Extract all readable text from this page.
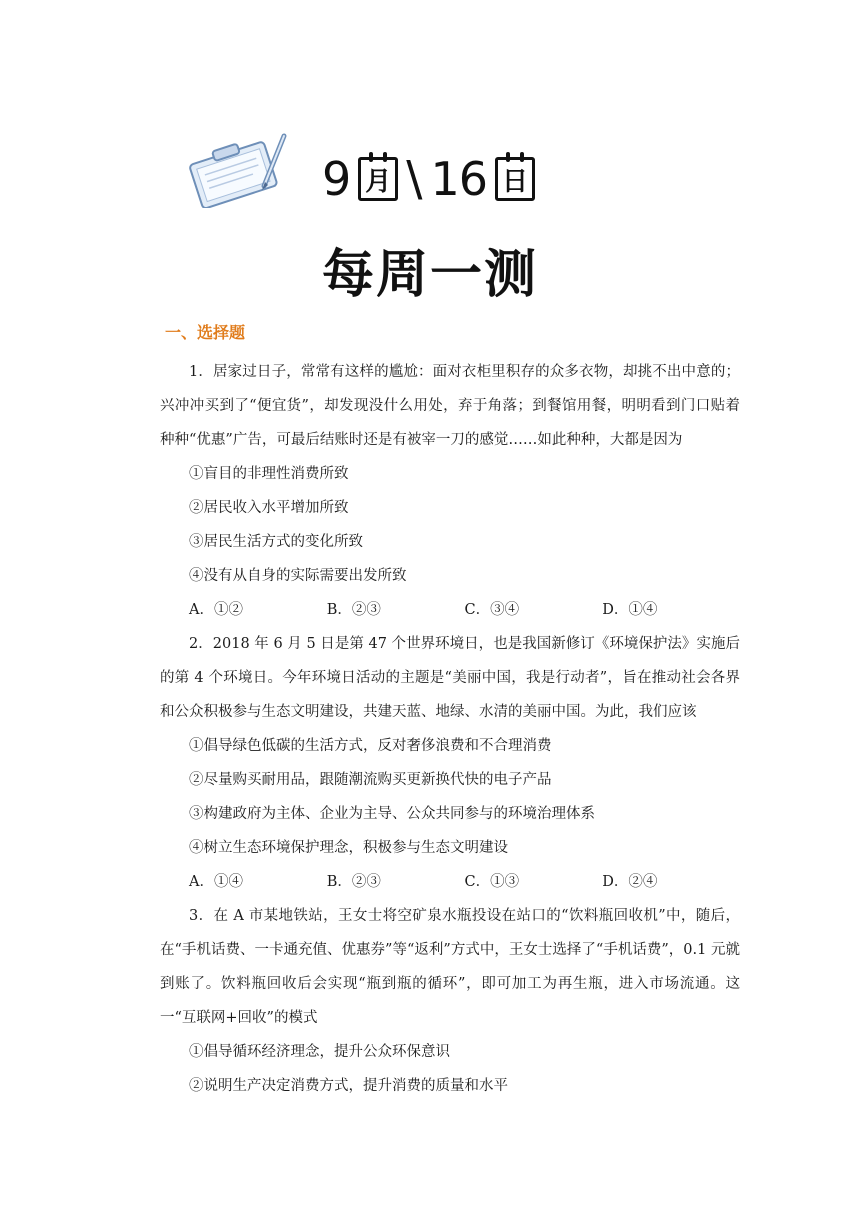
9 月 \ 16 日
每周一测
一、选择题

1．居家过日子，常常有这样的尴尬：面对衣柜里积存的众多衣物，却挑不出中意的；兴冲冲买到了“便宜货”，却发现没什么用处，弃于角落；到餐馆用餐，明明看到门口贴着种种“优惠”广告，可最后结账时还是有被宰一刀的感觉……如此种种，大都是因为

①盲目的非理性消费所致

②居民收入水平增加所致

③居民生活方式的变化所致

④没有从自身的实际需要出发所致

A．①②	B．②③	C．③④	D．①④

2．2018 年 6 月 5 日是第 47 个世界环境日，也是我国新修订《环境保护法》实施后的第 4 个环境日。今年环境日活动的主题是“美丽中国，我是行动者”，旨在推动社会各界和公众积极参与生态文明建设，共建天蓝、地绿、水清的美丽中国。为此，我们应该

①倡导绿色低碳的生活方式，反对奢侈浪费和不合理消费

②尽量购买耐用品，跟随潮流购买更新换代快的电子产品

③构建政府为主体、企业为主导、公众共同参与的环境治理体系

④树立生态环境保护理念，积极参与生态文明建设

A．①④	B．②③	C．①③	D．②④

3．在 A 市某地铁站，王女士将空矿泉水瓶投设在站口的“饮料瓶回收机”中，随后，在“手机话费、一卡通充值、优惠券”等“返利”方式中，王女士选择了“手机话费”，0.1 元就到账了。饮料瓶回收后会实现“瓶到瓶的循环”，即可加工为再生瓶，进入市场流通。这一“互联网+回收”的模式

①倡导循环经济理念，提升公众环保意识

②说明生产决定消费方式，提升消费的质量和水平
